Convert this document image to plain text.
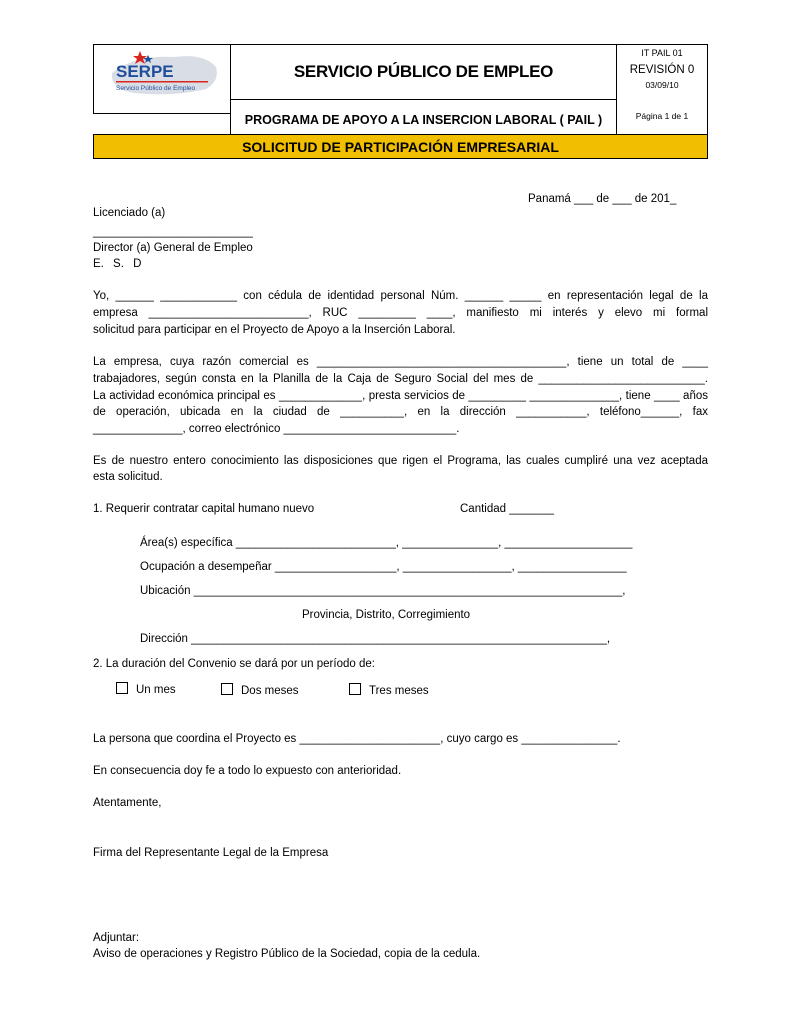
SERPE
Servicio Público de Empleo
SERVICIO PÚBLICO DE EMPLEO
PROGRAMA DE APOYO A LA INSERCION LABORAL ( PAIL )
IT PAIL 01
REVISIÓN 0
03/09/10
Página 1 de 1
SOLICITUD DE PARTICIPACIÓN EMPRESARIAL
Panamá ___ de ___ de 201_
Licenciado (a)
_________________________
Director (a) General de Empleo
E. S. D
Yo, ______ ____________ con cédula de identidad personal Núm. ______ _____ en representación legal de la
empresa _________________________, RUC _________ ____, manifiesto mi interés y elevo mi formal
solicitud para participar en el Proyecto de Apoyo a la Inserción Laboral.
La empresa, cuya razón comercial es _______________________________________, tiene un total de ____
trabajadores, según consta en la Planilla de la Caja de Seguro Social del mes de __________________________.
La actividad económica principal es _____________, presta servicios de _________ ______________, tiene ____ años
de operación, ubicada en la ciudad de __________, en la dirección ___________, teléfono______, fax
______________, correo electrónico ___________________________.
Es de nuestro entero conocimiento las disposiciones que rigen el Programa, las cuales cumpliré una vez aceptada
esta solicitud.
1. Requerir contratar capital humano nuevo	Cantidad _______
Área(s) específica _________________________, _______________, ____________________
Ocupación a desempeñar ___________________, _________________, _________________
Ubicación ___________________________________________________________________,
Provincia, Distrito, Corregimiento
Dirección _________________________________________________________________,
2. La duración del Convenio se dará por un período de:
Un mes	Dos meses	Tres meses
La persona que coordina el Proyecto es ______________________, cuyo cargo es _______________.
En consecuencia doy fe a todo lo expuesto con anterioridad.
Atentamente,
Firma del Representante Legal de la Empresa
Adjuntar:
Aviso de operaciones y Registro Público de la Sociedad, copia de la cedula.
